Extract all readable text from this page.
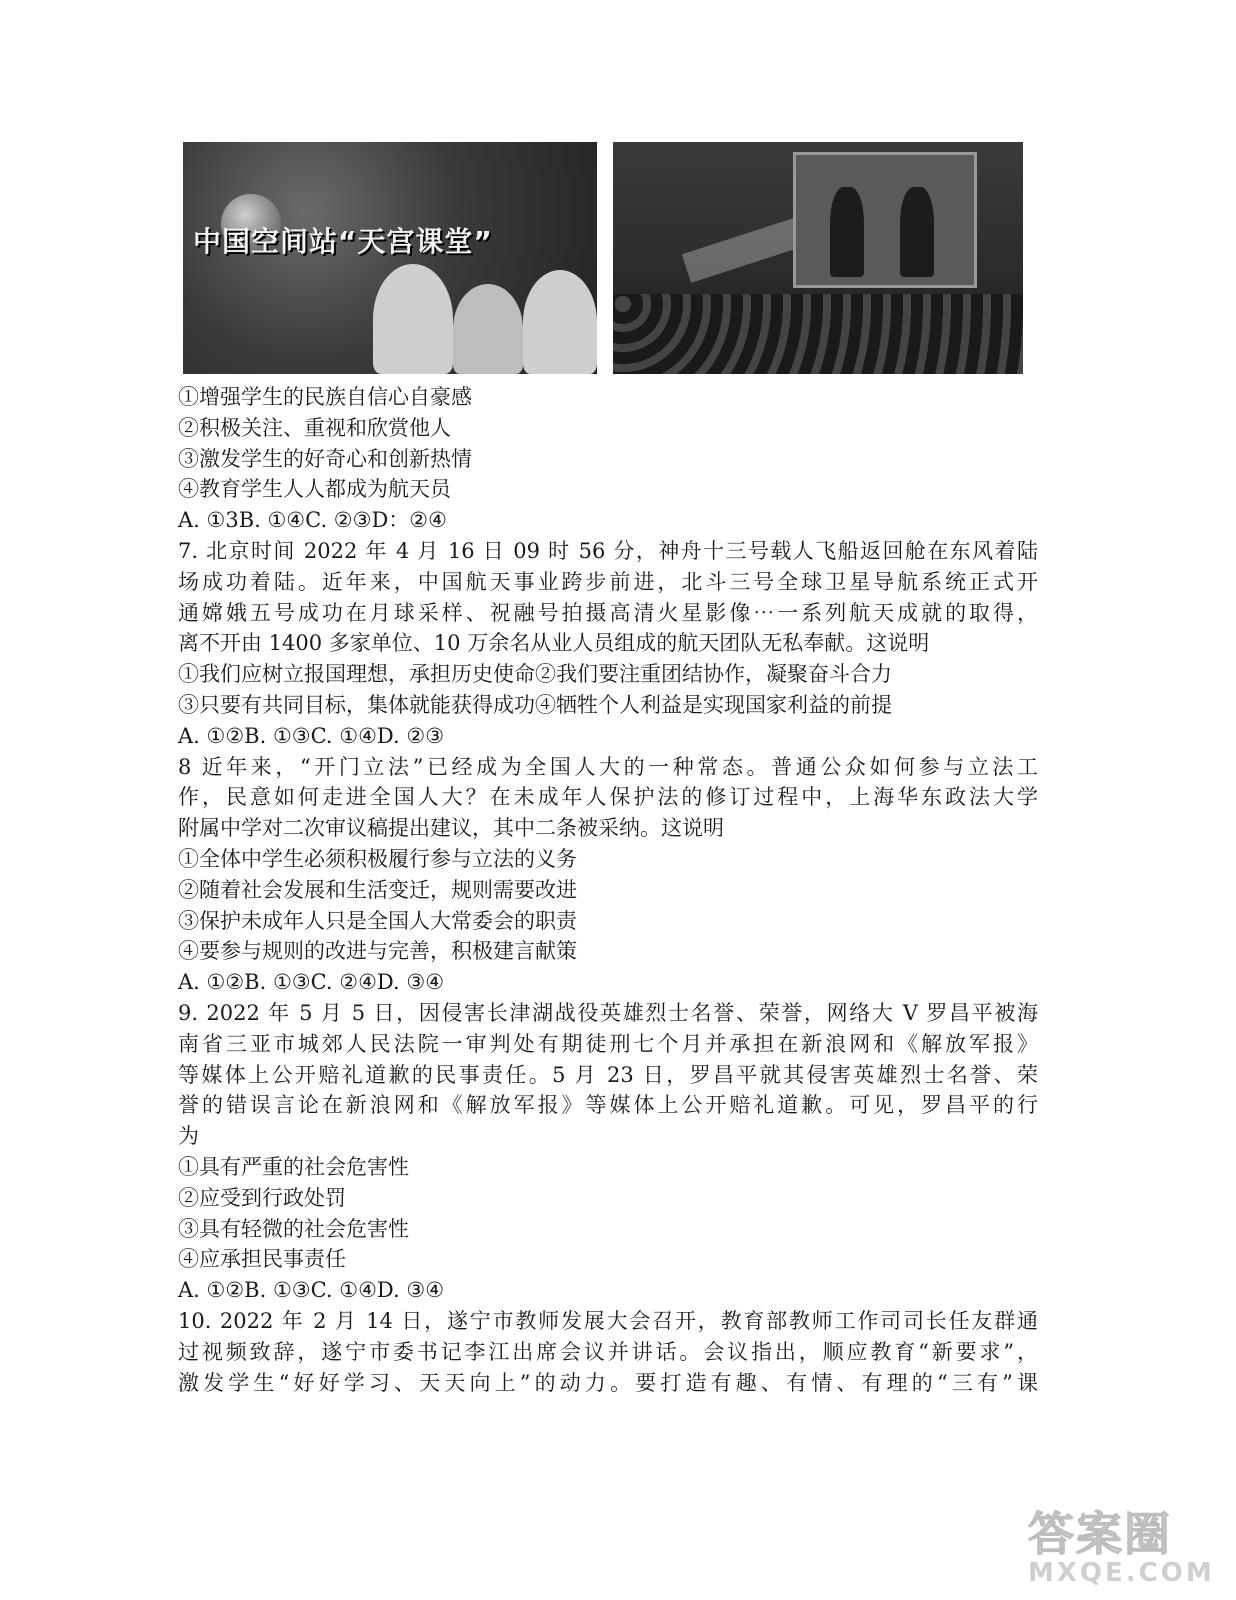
中国空间站“天宫课堂”
①增强学生的民族自信心自豪感
②积极关注、重视和欣赏他人
③激发学生的好奇心和创新热情
④教育学生人人都成为航天员
A. ①3B. ①④C. ②③D：②④
7. 北京时间 2022 年 4 月 16 日 09 时 56 分，神舟十三号载人飞船返回舱在东风着陆
场成功着陆。近年来，中国航天事业跨步前进，北斗三号全球卫星导航系统正式开
通嫦娥五号成功在月球采样、祝融号拍摄高清火星影像⋯一系列航天成就的取得，
离不开由 1400 多家单位、10 万余名从业人员组成的航天团队无私奉献。这说明
①我们应树立报国理想，承担历史使命②我们要注重团结协作，凝聚奋斗合力
③只要有共同目标，集体就能获得成功④牺牲个人利益是实现国家利益的前提
A. ①②B. ①③C. ①④D. ②③
8 近年来，“开门立法”已经成为全国人大的一种常态。普通公众如何参与立法工
作，民意如何走进全国人大？在未成年人保护法的修订过程中，上海华东政法大学
附属中学对二次审议稿提出建议，其中二条被采纳。这说明
①全体中学生必须积极履行参与立法的义务
②随着社会发展和生活变迁，规则需要改进
③保护未成年人只是全国人大常委会的职责
④要参与规则的改进与完善，积极建言献策
A. ①②B. ①③C. ②④D. ③④
9. 2022 年 5 月 5 日，因侵害长津湖战役英雄烈士名誉、荣誉，网络大 V 罗昌平被海
南省三亚市城郊人民法院一审判处有期徒刑七个月并承担在新浪网和《解放军报》
等媒体上公开赔礼道歉的民事责任。5 月 23 日，罗昌平就其侵害英雄烈士名誉、荣
誉的错误言论在新浪网和《解放军报》等媒体上公开赔礼道歉。可见，罗昌平的行
为
①具有严重的社会危害性
②应受到行政处罚
③具有轻微的社会危害性
④应承担民事责任
A. ①②B. ①③C. ①④D. ③④
10. 2022 年 2 月 14 日，遂宁市教师发展大会召开，教育部教师工作司司长任友群通
过视频致辞，遂宁市委书记李江出席会议并讲话。会议指出，顺应教育“新要求”，
激发学生“好好学习、天天向上”的动力。要打造有趣、有情、有理的“三有”课
答案圈
MXQE.COM
